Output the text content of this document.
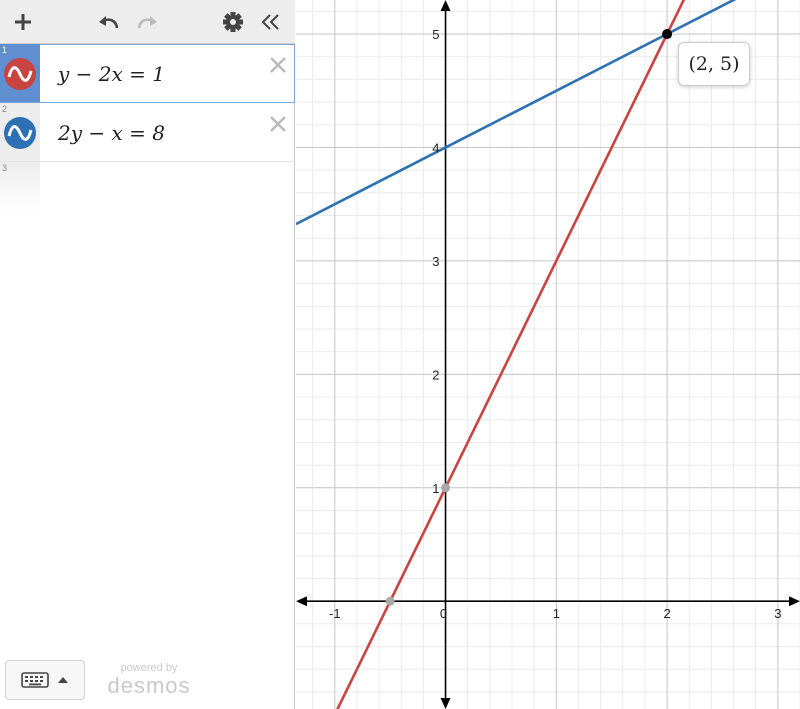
1
y − 2x = 1
2
2y − x = 8
3
powered by
desmos
-1	0	1	2	3
1
2
3
4
5
(2, 5)
